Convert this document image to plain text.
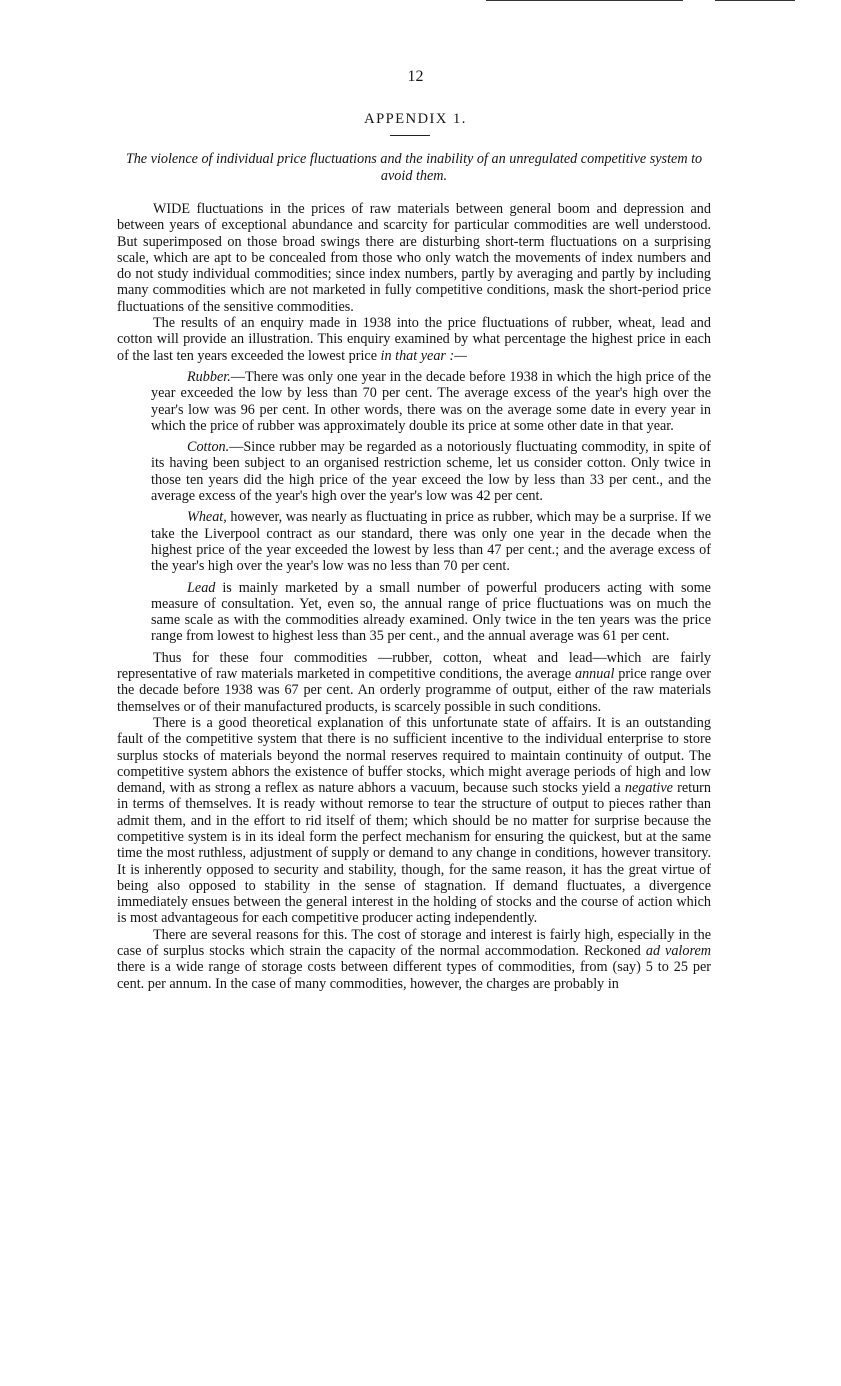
12
APPENDIX 1.
The violence of individual price fluctuations and the inability of an unregulated competitive system to avoid them.

WIDE fluctuations in the prices of raw materials between general boom and depression and between years of exceptional abundance and scarcity for particular commodities are well understood. But superimposed on those broad swings there are disturbing short-term fluctuations on a surprising scale, which are apt to be concealed from those who only watch the movements of index numbers and do not study individual commodities; since index numbers, partly by averaging and partly by including many commodities which are not marketed in fully competitive conditions, mask the short-period price fluctuations of the sensitive commodities.

The results of an enquiry made in 1938 into the price fluctuations of rubber, wheat, lead and cotton will provide an illustration. This enquiry examined by what percentage the highest price in each of the last ten years exceeded the lowest price in that year :—

Rubber.—There was only one year in the decade before 1938 in which the high price of the year exceeded the low by less than 70 per cent. The average excess of the year's high over the year's low was 96 per cent. In other words, there was on the average some date in every year in which the price of rubber was approximately double its price at some other date in that year.

Cotton.—Since rubber may be regarded as a notoriously fluctuating commodity, in spite of its having been subject to an organised restriction scheme, let us consider cotton. Only twice in those ten years did the high price of the year exceed the low by less than 33 per cent., and the average excess of the year's high over the year's low was 42 per cent.

Wheat, however, was nearly as fluctuating in price as rubber, which may be a surprise. If we take the Liverpool contract as our standard, there was only one year in the decade when the highest price of the year exceeded the lowest by less than 47 per cent.; and the average excess of the year's high over the year's low was no less than 70 per cent.

Lead is mainly marketed by a small number of powerful producers acting with some measure of consultation. Yet, even so, the annual range of price fluctuations was on much the same scale as with the commodities already examined. Only twice in the ten years was the price range from lowest to highest less than 35 per cent., and the annual average was 61 per cent.

Thus for these four commodities —rubber, cotton, wheat and lead—which are fairly representative of raw materials marketed in competitive conditions, the average annual price range over the decade before 1938 was 67 per cent. An orderly programme of output, either of the raw materials themselves or of their manufactured products, is scarcely possible in such conditions.

There is a good theoretical explanation of this unfortunate state of affairs. It is an outstanding fault of the competitive system that there is no sufficient incentive to the individual enterprise to store surplus stocks of materials beyond the normal reserves required to maintain continuity of output. The competitive system abhors the existence of buffer stocks, which might average periods of high and low demand, with as strong a reflex as nature abhors a vacuum, because such stocks yield a negative return in terms of themselves. It is ready without remorse to tear the structure of output to pieces rather than admit them, and in the effort to rid itself of them; which should be no matter for surprise because the competitive system is in its ideal form the perfect mechanism for ensuring the quickest, but at the same time the most ruthless, adjustment of supply or demand to any change in conditions, however transitory. It is inherently opposed to security and stability, though, for the same reason, it has the great virtue of being also opposed to stability in the sense of stagnation. If demand fluctuates, a divergence immediately ensues between the general interest in the holding of stocks and the course of action which is most advantageous for each competitive producer acting independently.

There are several reasons for this. The cost of storage and interest is fairly high, especially in the case of surplus stocks which strain the capacity of the normal accommodation. Reckoned ad valorem there is a wide range of storage costs between different types of commodities, from (say) 5 to 25 per cent. per annum. In the case of many commodities, however, the charges are probably in
